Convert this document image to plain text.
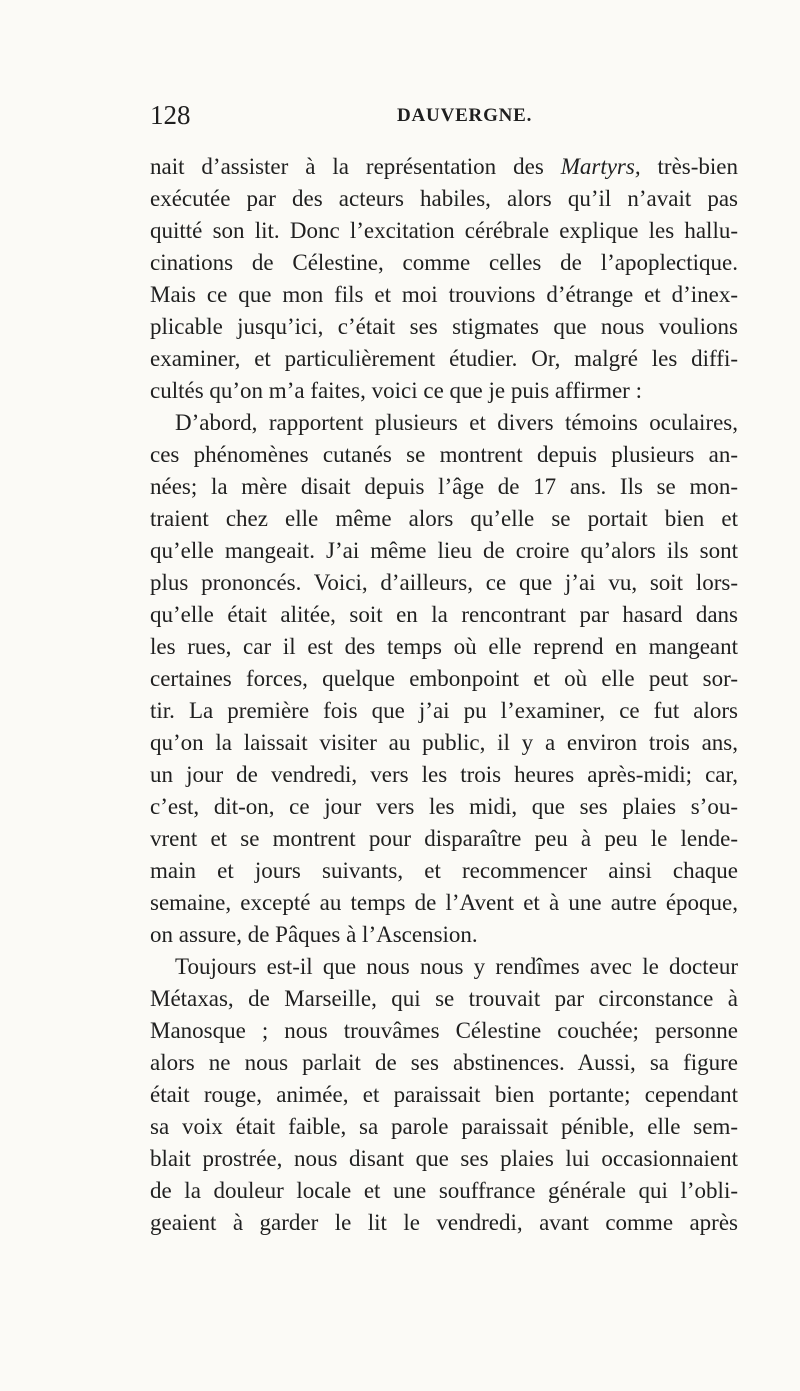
128	DAUVERGNE.
nait d’assister à la représentation des Martyrs, très-bien
exécutée par des acteurs habiles, alors qu’il n’avait pas
quitté son lit. Donc l’excitation cérébrale explique les hallu-
cinations de Célestine, comme celles de l’apoplectique.
Mais ce que mon fils et moi trouvions d’étrange et d’inex-
plicable jusqu’ici, c’était ses stigmates que nous voulions
examiner, et particulièrement étudier. Or, malgré les diffi-
cultés qu’on m’a faites, voici ce que je puis affirmer :
D’abord, rapportent plusieurs et divers témoins oculaires,
ces phénomènes cutanés se montrent depuis plusieurs an-
nées; la mère disait depuis l’âge de 17 ans. Ils se mon-
traient chez elle même alors qu’elle se portait bien et
qu’elle mangeait. J’ai même lieu de croire qu’alors ils sont
plus prononcés. Voici, d’ailleurs, ce que j’ai vu, soit lors-
qu’elle était alitée, soit en la rencontrant par hasard dans
les rues, car il est des temps où elle reprend en mangeant
certaines forces, quelque embonpoint et où elle peut sor-
tir. La première fois que j’ai pu l’examiner, ce fut alors
qu’on la laissait visiter au public, il y a environ trois ans,
un jour de vendredi, vers les trois heures après-midi; car,
c’est, dit-on, ce jour vers les midi, que ses plaies s’ou-
vrent et se montrent pour disparaître peu à peu le lende-
main et jours suivants, et recommencer ainsi chaque
semaine, excepté au temps de l’Avent et à une autre époque,
on assure, de Pâques à l’Ascension.
Toujours est-il que nous nous y rendîmes avec le docteur
Métaxas, de Marseille, qui se trouvait par circonstance à
Manosque ; nous trouvâmes Célestine couchée; personne
alors ne nous parlait de ses abstinences. Aussi, sa figure
était rouge, animée, et paraissait bien portante; cependant
sa voix était faible, sa parole paraissait pénible, elle sem-
blait prostrée, nous disant que ses plaies lui occasionnaient
de la douleur locale et une souffrance générale qui l’obli-
geaient à garder le lit le vendredi, avant comme après
